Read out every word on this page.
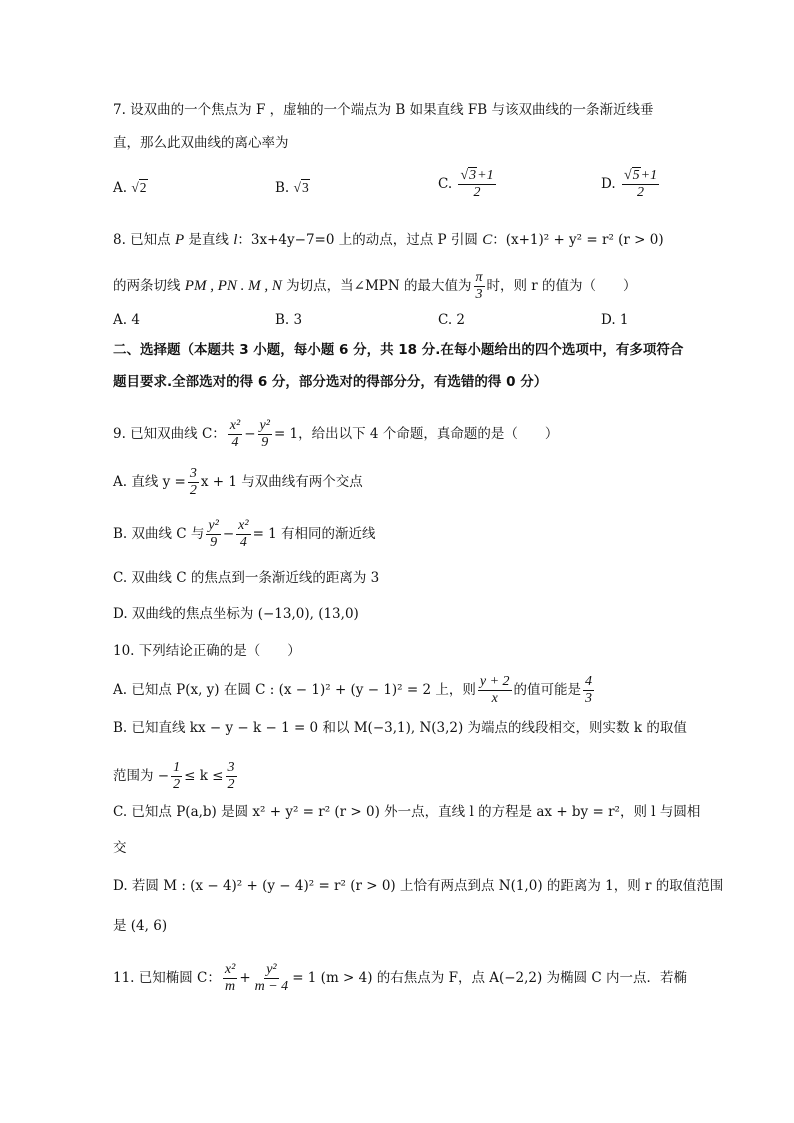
7. 设双曲的一个焦点为 F ，虚轴的一个端点为 B 如果直线 FB 与该双曲线的一条渐近线垂
直，那么此双曲线的离心率为
A. √2	B. √3	C. $\frac{√3+1}{2}$	D. $\frac{√5+1}{2}$
8. 已知点 P 是直线 l：3x+4y−7=0 上的动点，过点 P 引圆 C：(x+1)² + y² = r² (r > 0)
的两条切线 PM , PN . M , N 为切点，当∠MPN 的最大值为 $\frac{\pi}{3}$ 时，则 r 的值为（　　）
A. 4	B. 3	C. 2	D. 1
二、选择题（本题共 3 小题，每小题 6 分，共 18 分.在每小题给出的四个选项中，有多项符合
题目要求.全部选对的得 6 分，部分选对的得部分分，有选错的得 0 分）
9. 已知双曲线 C： $\frac{\text{x²}}{4} - \frac{\text{y²}}{9} = 1$，给出以下 4 个命题，真命题的是（　　）
A. 直线 $y = \frac{3}{2}$ x + 1 与双曲线有两个交点
B. 双曲线 C 与 $\frac{\text{y²}}{9} - \frac{\text{x²}}{4} = 1$ 有相同的渐近线
C. 双曲线 C 的焦点到一条渐近线的距离为 3
D. 双曲线的焦点坐标为 (−13,0), (13,0)
10. 下列结论正确的是（　　）
A. 已知点 P(x, y) 在圆 C : (x − 1)² + (y − 1)² = 2 上，则 $\frac{y + 2}{x}$ 的值可能是 $\frac{4}{3}$
B. 已知直线 kx − y − k − 1 = 0 和以 M(−3,1), N(3,2) 为端点的线段相交，则实数 k 的取值
范围为 − $\frac{1}{2} \le k \le \frac{3}{2}$
C. 已知点 P(a,b) 是圆 x² + y² = r² (r > 0) 外一点，直线 l 的方程是 ax + by = r²，则 l 与圆相
交
D. 若圆 M : (x − 4)² + (y − 4)² = r² (r > 0) 上恰有两点到点 N(1,0) 的距离为 1，则 r 的取值范围
是 (4, 6)
11. 已知椭圆 C： $\frac{\text{x²}}{m} + \frac{\text{y²}}{m - 4} = 1$ (m > 4) 的右焦点为 F，点 A(−2,2) 为椭圆 C 内一点．若椭
